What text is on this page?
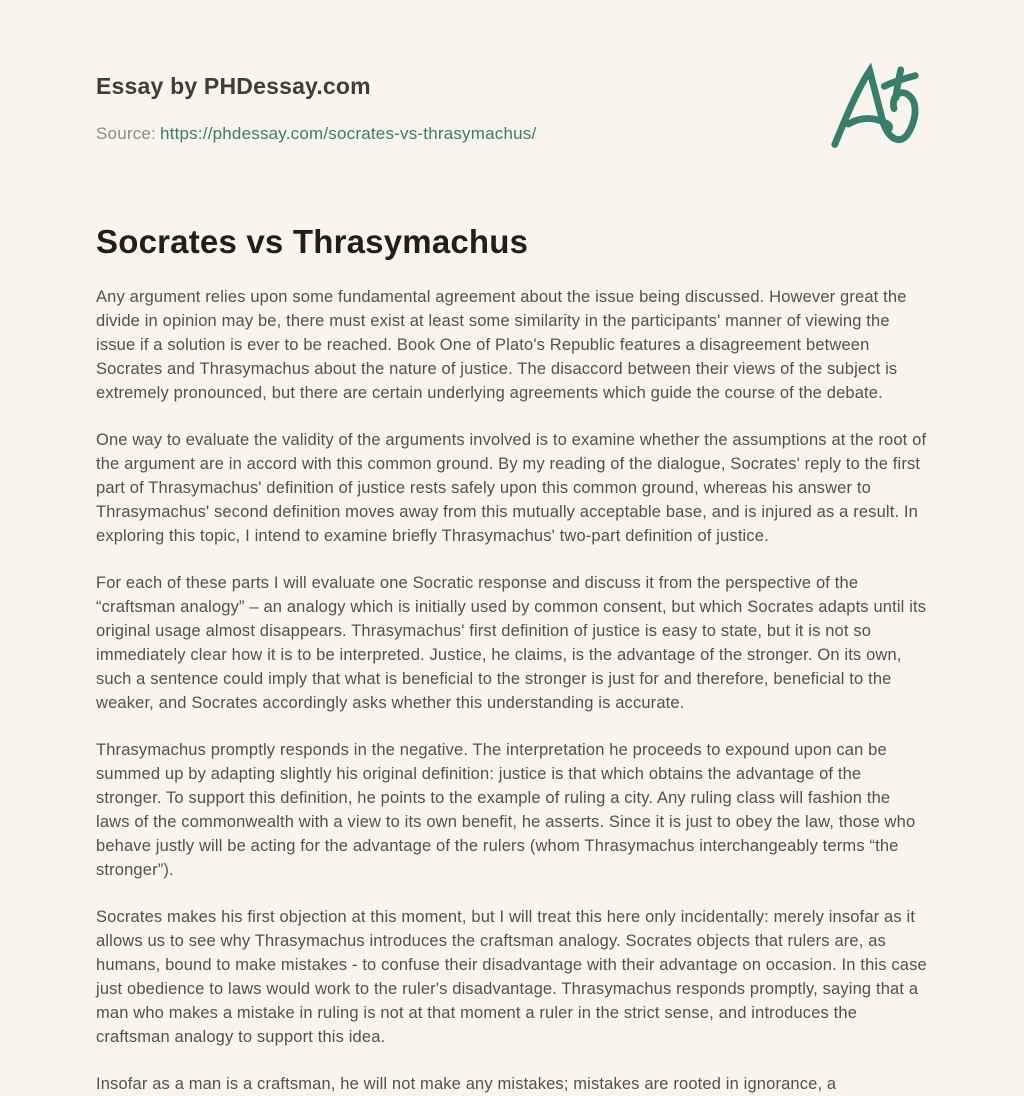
Essay by PHDessay.com
Source: https://phdessay.com/socrates-vs-thrasymachus/
Socrates vs Thrasymachus

Any argument relies upon some fundamental agreement about the issue being discussed. However great the divide in opinion may be, there must exist at least some similarity in the participants' manner of viewing the issue if a solution is ever to be reached. Book One of Plato's Republic features a disagreement between Socrates and Thrasymachus about the nature of justice. The disaccord between their views of the subject is extremely pronounced, but there are certain underlying agreements which guide the course of the debate.

One way to evaluate the validity of the arguments involved is to examine whether the assumptions at the root of the argument are in accord with this common ground. By my reading of the dialogue, Socrates' reply to the first part of Thrasymachus' definition of justice rests safely upon this common ground, whereas his answer to Thrasymachus' second definition moves away from this mutually acceptable base, and is injured as a result. In exploring this topic, I intend to examine briefly Thrasymachus' two-part definition of justice.

For each of these parts I will evaluate one Socratic response and discuss it from the perspective of the “craftsman analogy” – an analogy which is initially used by common consent, but which Socrates adapts until its original usage almost disappears. Thrasymachus' first definition of justice is easy to state, but it is not so immediately clear how it is to be interpreted. Justice, he claims, is the advantage of the stronger. On its own, such a sentence could imply that what is beneficial to the stronger is just for and therefore, beneficial to the weaker, and Socrates accordingly asks whether this understanding is accurate.

Thrasymachus promptly responds in the negative. The interpretation he proceeds to expound upon can be summed up by adapting slightly his original definition: justice is that which obtains the advantage of the stronger. To support this definition, he points to the example of ruling a city. Any ruling class will fashion the laws of the commonwealth with a view to its own benefit, he asserts. Since it is just to obey the law, those who behave justly will be acting for the advantage of the rulers (whom Thrasymachus interchangeably terms “the stronger”).

Socrates makes his first objection at this moment, but I will treat this here only incidentally: merely insofar as it allows us to see why Thrasymachus introduces the craftsman analogy. Socrates objects that rulers are, as humans, bound to make mistakes - to confuse their disadvantage with their advantage on occasion. In this case just obedience to laws would work to the ruler's disadvantage. Thrasymachus responds promptly, saying that a man who makes a mistake in ruling is not at that moment a ruler in the strict sense, and introduces the craftsman analogy to support this idea.

Insofar as a man is a craftsman, he will not make any mistakes; mistakes are rooted in ignorance, a
